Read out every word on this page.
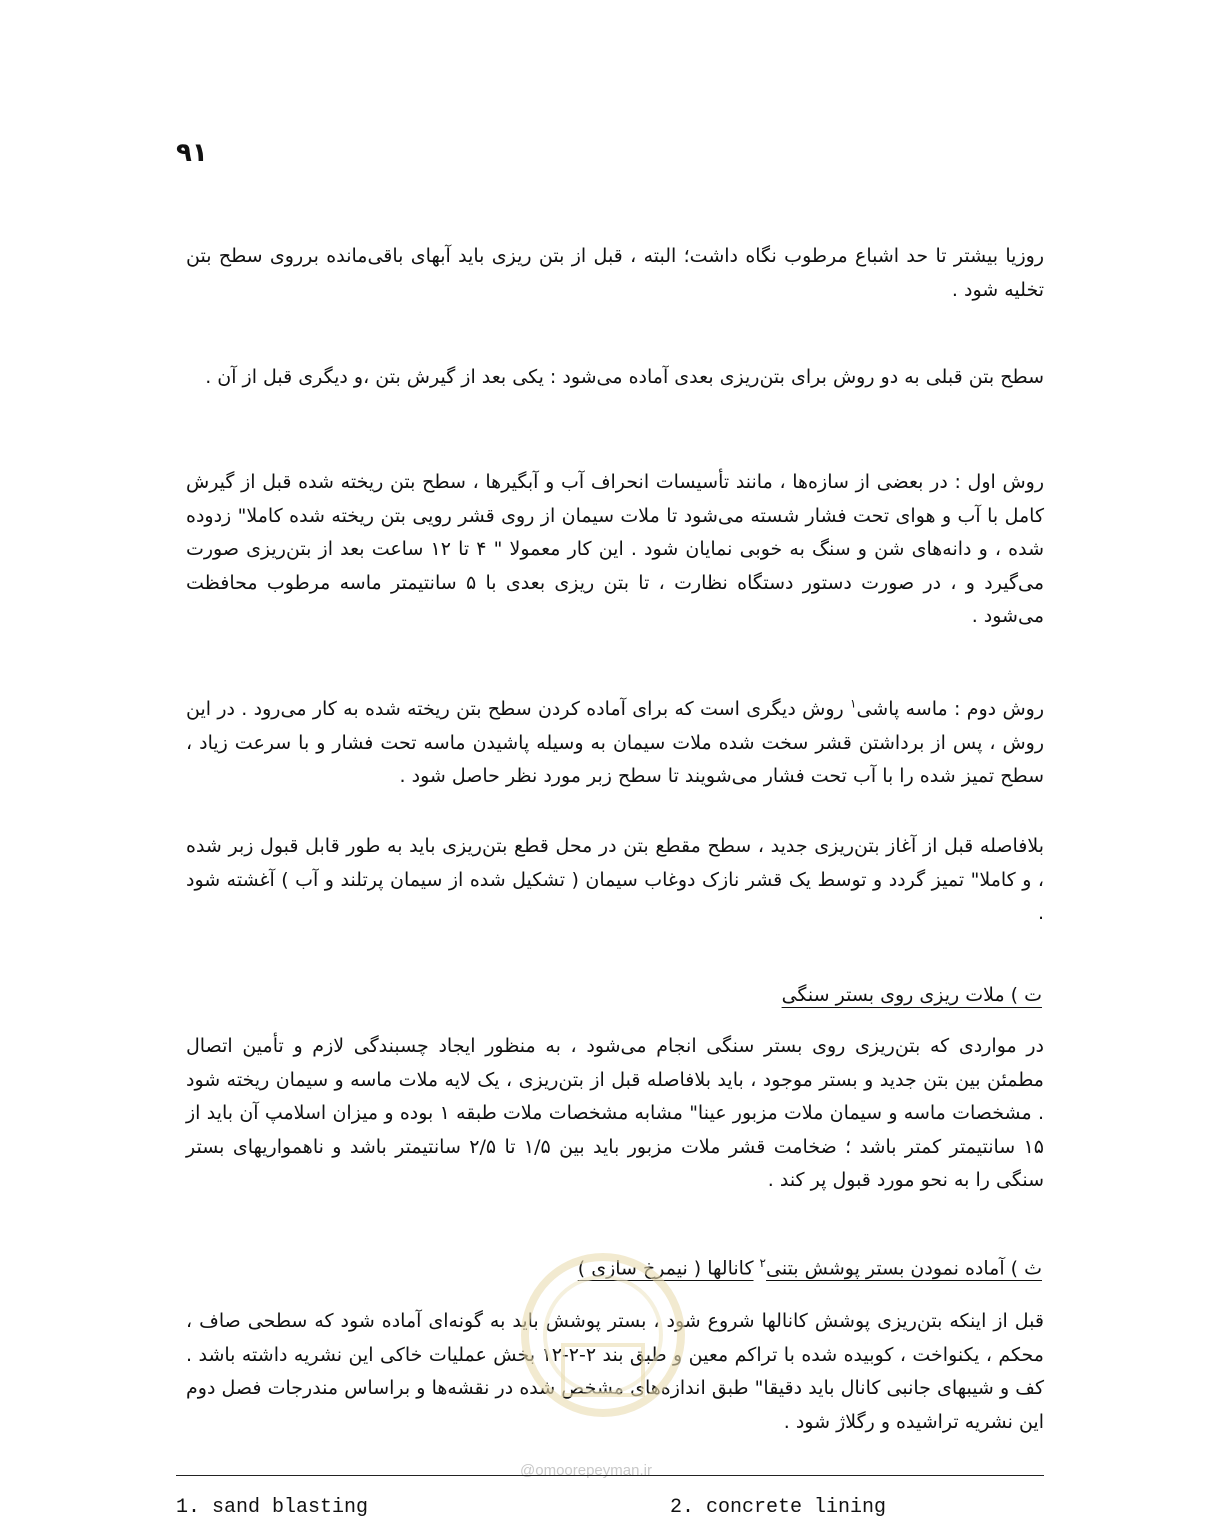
۹۱

روزیا بیشتر تا حد اشباع مرطوب نگاه داشت؛ البته ، قبل از بتن ریزی باید آبهای باقی‌مانده برروی سطح بتن تخلیه شود .

سطح بتن قبلی به دو روش برای بتن‌ریزی بعدی آماده می‌شود : یکی بعد از گیرش بتن ،و دیگری قبل از آن .

روش اول : در بعضی از سازه‌ها ، مانند تأسیسات انحراف آب و آبگیرها ، سطح بتن ریخته شده قبل از گیرش کامل با آب و هوای تحت فشار شسته می‌شود تا ملات سیمان از روی قشر رویی بتن ریخته شده کاملا" زدوده شده ، و دانه‌های شن و سنگ به خوبی نمایان شود . این کار معمولا " ۴ تا ۱۲ ساعت بعد از بتن‌ریزی صورت می‌گیرد و ، در صورت دستور دستگاه نظارت ، تا بتن ریزی بعدی با ۵ سانتیمتر ماسه مرطوب محافظت می‌شود .

روش دوم : ماسه پاشی$^۱$ روش دیگری است که برای آماده کردن سطح بتن ریخته شده به کار می‌رود . در این روش ، پس از برداشتن قشر سخت شده ملات سیمان به وسیله پاشیدن ماسه تحت فشار و با سرعت زیاد ، سطح تمیز شده را با آب تحت فشار می‌شویند تا سطح زبر مورد نظر حاصل شود .

بلافاصله قبل از آغاز بتن‌ریزی جدید ، سطح مقطع بتن در محل قطع بتن‌ریزی باید به طور قابل قبول زبر شده ، و کاملا" تمیز گردد و توسط یک قشر نازک دوغاب سیمان ( تشکیل شده از سیمان پرتلند و آب ) آغشته شود .

ت ) ملات ریزی روی بستر سنگی

در مواردی که بتن‌ریزی روی بستر سنگی انجام می‌شود ، به منظور ایجاد چسبندگی لازم و تأمین اتصال مطمئن بین بتن جدید و بستر موجود ، باید بلافاصله قبل از بتن‌ریزی ، یک لایه ملات ماسه و سیمان ریخته شود . مشخصات ماسه و سیمان ملات مزبور عینا" مشابه مشخصات ملات طبقه ۱ بوده و میزان اسلامپ آن باید از ۱۵ سانتیمتر کمتر باشد ؛ ضخامت قشر ملات مزبور باید بین ۱/۵ تا ۲/۵ سانتیمتر باشد و ناهمواریهای بستر سنگی را به نحو مورد قبول پر کند .

ث ) آماده نمودن بستر پوشش بتنی$^۲$ کانالها ( نیمرخ سازی )

قبل از اینکه بتن‌ریزی پوشش کانالها شروع شود ، بستر پوشش باید به گونه‌ای آماده شود که سطحی صاف ، محکم ، یکنواخت ، کوبیده شده با تراکم معین و طبق بند ۲-۲-۱۲ بخش عملیات خاکی این نشریه داشته باشد . کف و شیبهای جانبی کانال باید دقیقا" طبق اندازه‌های مشخص شده در نقشه‌ها و براساس مندرجات فصل دوم این نشریه تراشیده و رگلاژ شود .

@omoorepeyman.ir
1. sand blasting	2. concrete lining
